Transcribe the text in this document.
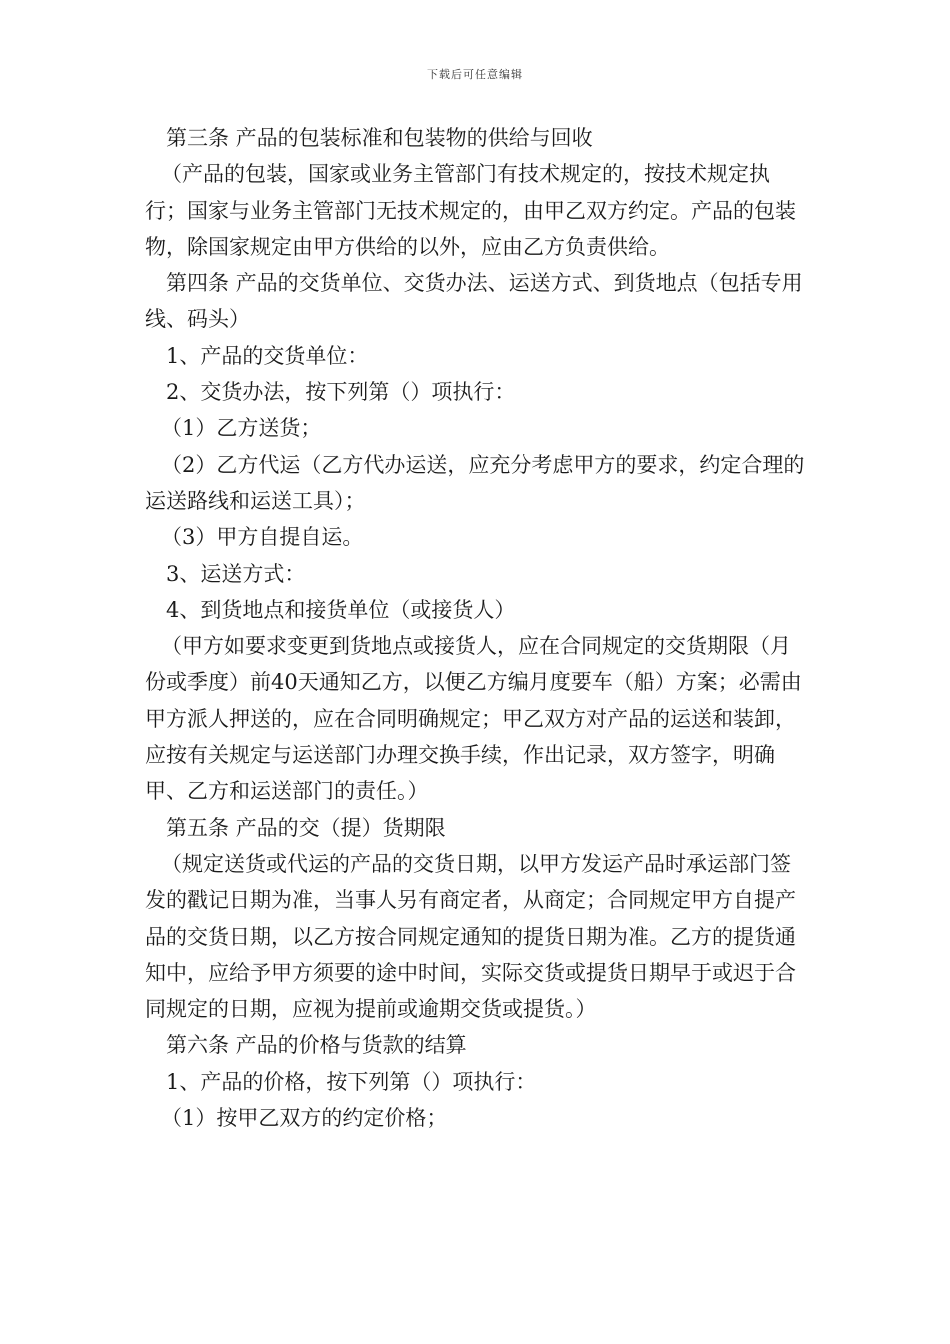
下载后可任意编辑

第三条 产品的包装标准和包装物的供给与回收

（产品的包装，国家或业务主管部门有技术规定的，按技术规定执行；国家与业务主管部门无技术规定的，由甲乙双方约定。产品的包装物，除国家规定由甲方供给的以外，应由乙方负责供给。

第四条 产品的交货单位、交货办法、运送方式、到货地点（包括专用线、码头）

1、产品的交货单位：

2、交货办法，按下列第（）项执行：

（1）乙方送货；

（2）乙方代运（乙方代办运送，应充分考虑甲方的要求，约定合理的运送路线和运送工具）；

（3）甲方自提自运。

3、运送方式：

4、到货地点和接货单位（或接货人）

（甲方如要求变更到货地点或接货人，应在合同规定的交货期限（月份或季度）前40天通知乙方，以便乙方编月度要车（船）方案；必需由甲方派人押送的，应在合同明确规定；甲乙双方对产品的运送和装卸，应按有关规定与运送部门办理交换手续，作出记录，双方签字，明确甲、乙方和运送部门的责任。）

第五条 产品的交（提）货期限

（规定送货或代运的产品的交货日期，以甲方发运产品时承运部门签发的戳记日期为准，当事人另有商定者，从商定；合同规定甲方自提产品的交货日期，以乙方按合同规定通知的提货日期为准。乙方的提货通知中，应给予甲方须要的途中时间，实际交货或提货日期早于或迟于合同规定的日期，应视为提前或逾期交货或提货。）

第六条 产品的价格与货款的结算

1、产品的价格，按下列第（）项执行：

（1）按甲乙双方的约定价格；
